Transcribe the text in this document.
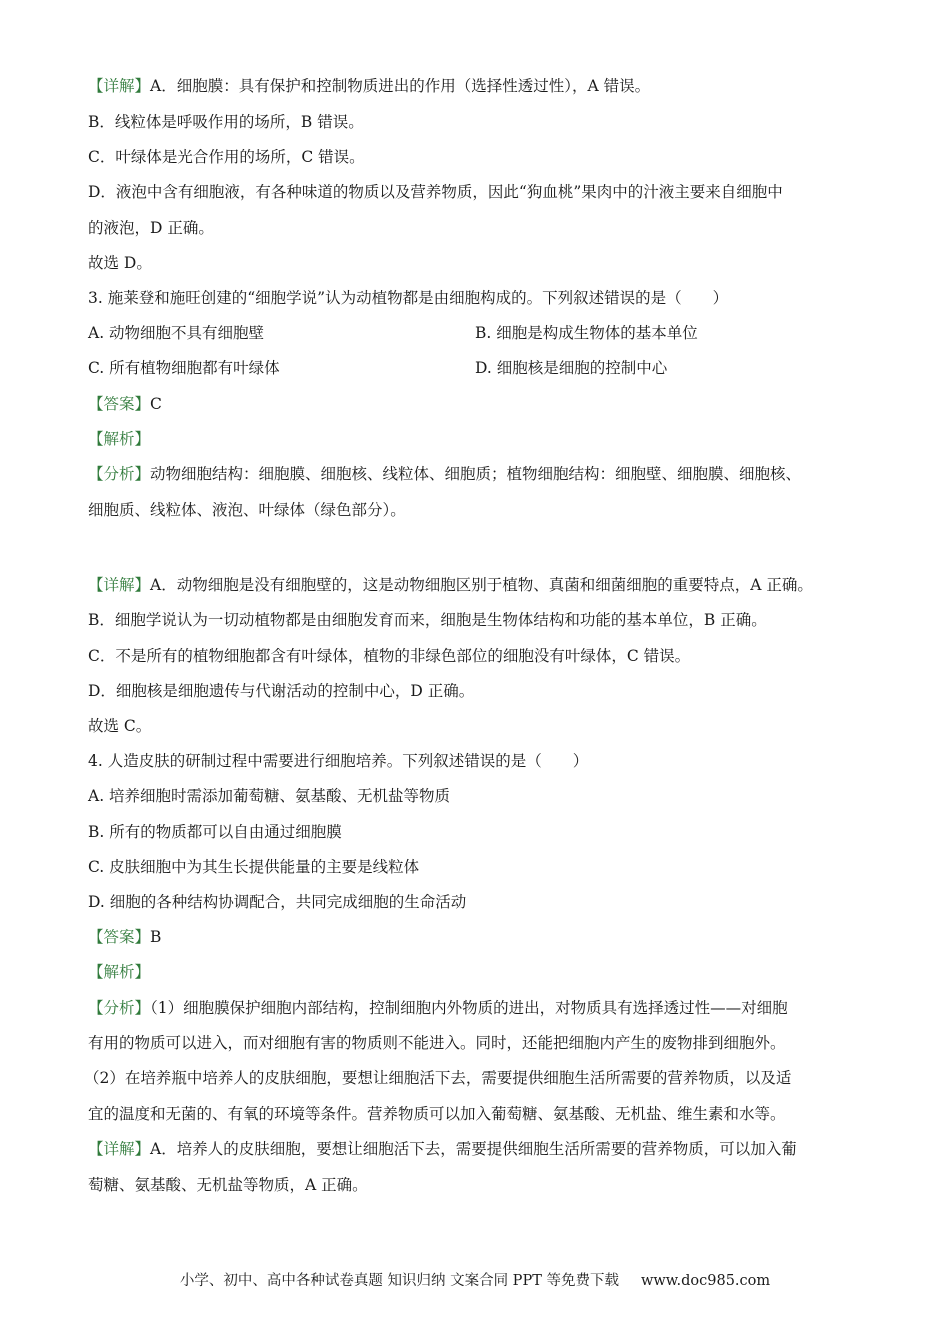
【详解】A．细胞膜：具有保护和控制物质进出的作用（选择性透过性），A 错误。
B．线粒体是呼吸作用的场所，B 错误。
C．叶绿体是光合作用的场所，C 错误。
D．液泡中含有细胞液，有各种味道的物质以及营养物质，因此“狗血桃”果肉中的汁液主要来自细胞中
的液泡，D 正确。
故选 D。
3. 施莱登和施旺创建的“细胞学说”认为动植物都是由细胞构成的。下列叙述错误的是（　　）
A. 动物细胞不具有细胞壁	B. 细胞是构成生物体的基本单位
C. 所有植物细胞都有叶绿体	D. 细胞核是细胞的控制中心
【答案】C
【解析】
【分析】动物细胞结构：细胞膜、细胞核、线粒体、细胞质；植物细胞结构：细胞壁、细胞膜、细胞核、
细胞质、线粒体、液泡、叶绿体（绿色部分）。
【详解】A．动物细胞是没有细胞壁的，这是动物细胞区别于植物、真菌和细菌细胞的重要特点，A 正确。
B．细胞学说认为一切动植物都是由细胞发育而来，细胞是生物体结构和功能的基本单位，B 正确。
C．不是所有的植物细胞都含有叶绿体，植物的非绿色部位的细胞没有叶绿体，C 错误。
D．细胞核是细胞遗传与代谢活动的控制中心，D 正确。
故选 C。
4. 人造皮肤的研制过程中需要进行细胞培养。下列叙述错误的是（　　）
A. 培养细胞时需添加葡萄糖、氨基酸、无机盐等物质
B. 所有的物质都可以自由通过细胞膜
C. 皮肤细胞中为其生长提供能量的主要是线粒体
D. 细胞的各种结构协调配合，共同完成细胞的生命活动
【答案】B
【解析】
【分析】（1）细胞膜保护细胞内部结构，控制细胞内外物质的进出，对物质具有选择透过性——对细胞
有用的物质可以进入，而对细胞有害的物质则不能进入。同时，还能把细胞内产生的废物排到细胞外。
（2）在培养瓶中培养人的皮肤细胞，要想让细胞活下去，需要提供细胞生活所需要的营养物质，以及适
宜的温度和无菌的、有氧的环境等条件。营养物质可以加入葡萄糖、氨基酸、无机盐、维生素和水等。
【详解】A．培养人的皮肤细胞，要想让细胞活下去，需要提供细胞生活所需要的营养物质，可以加入葡
萄糖、氨基酸、无机盐等物质，A 正确。
小学、初中、高中各种试卷真题 知识归纳 文案合同 PPT 等免费下载 www.doc985.com
